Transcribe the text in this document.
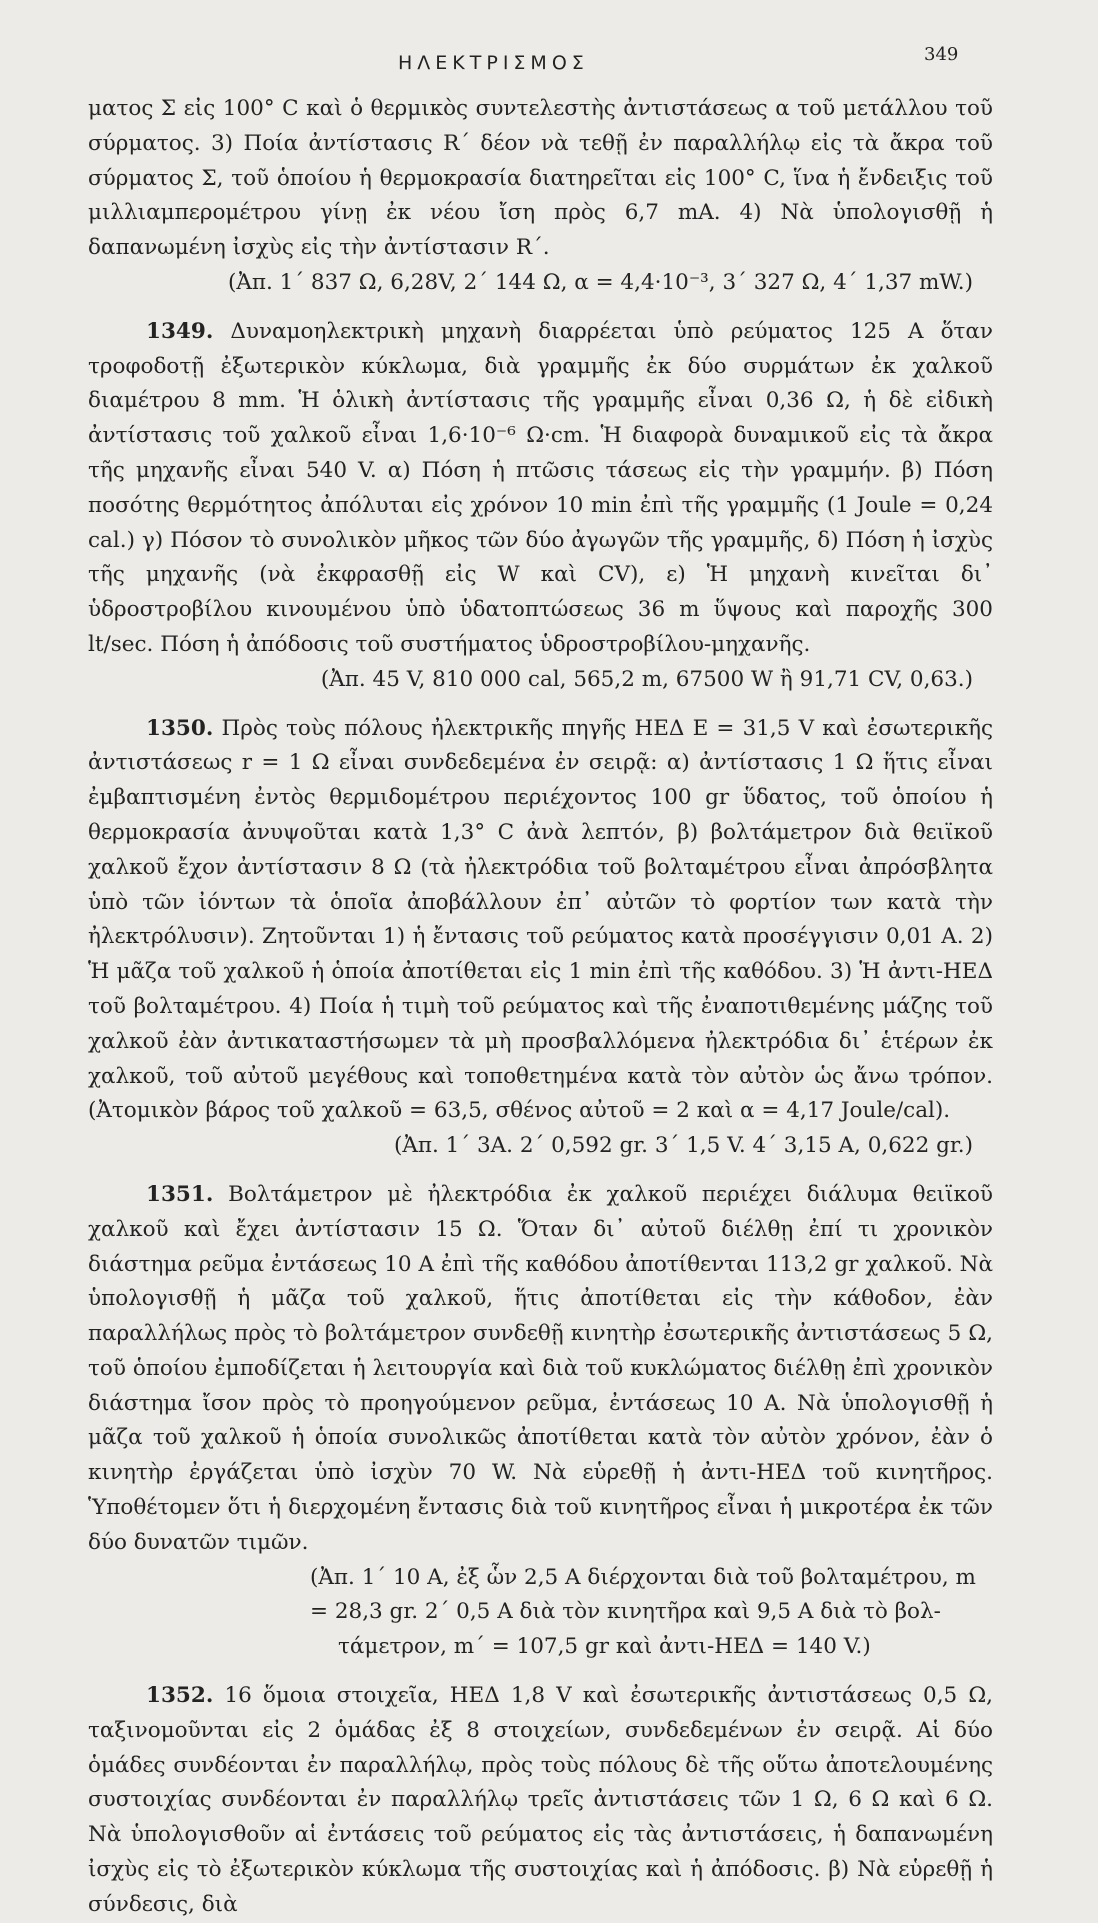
ΗΛΕΚΤΡΙΣΜΟΣ	349

ματος Σ εἰς 100° C καὶ ὁ θερμικὸς συντελεστὴς ἀντιστάσεως α τοῦ μετάλλου τοῦ σύρματος. 3) Ποία ἀντίστασις R΄ δέον νὰ τεθῇ ἐν παραλλήλῳ εἰς τὰ ἄκρα τοῦ σύρματος Σ, τοῦ ὁποίου ἡ θερμοκρασία διατηρεῖται εἰς 100° C, ἵνα ἡ ἔνδειξις τοῦ μιλλιαμπερομέτρου γίνῃ ἐκ νέου ἴση πρὸς 6,7 mA. 4) Νὰ ὑπολογισθῇ ἡ δαπανωμένη ἰσχὺς εἰς τὴν ἀντίστασιν R΄.

(Ἀπ. 1΄ 837 Ω, 6,28V, 2΄ 144 Ω, α = 4,4·10⁻³, 3΄ 327 Ω, 4΄ 1,37 mW.)

1349. Δυναμοηλεκτρικὴ μηχανὴ διαρρέεται ὑπὸ ρεύματος 125 A ὅταν τροφοδοτῇ ἐξωτερικὸν κύκλωμα, διὰ γραμμῆς ἐκ δύο συρμάτων ἐκ χαλκοῦ διαμέτρου 8 mm. Ἡ ὁλικὴ ἀντίστασις τῆς γραμμῆς εἶναι 0,36 Ω, ἡ δὲ εἰδικὴ ἀντίστασις τοῦ χαλκοῦ εἶναι 1,6·10⁻⁶ Ω·cm. Ἡ διαφορὰ δυναμικοῦ εἰς τὰ ἄκρα τῆς μηχανῆς εἶναι 540 V. α) Πόση ἡ πτῶσις τάσεως εἰς τὴν γραμμήν. β) Πόση ποσότης θερμότητος ἀπόλυται εἰς χρόνον 10 min ἐπὶ τῆς γραμμῆς (1 Joule = 0,24 cal.) γ) Πόσον τὸ συνολικὸν μῆκος τῶν δύο ἀγωγῶν τῆς γραμμῆς, δ) Πόση ἡ ἰσχὺς τῆς μηχανῆς (νὰ ἐκφρασθῇ εἰς W καὶ CV), ε) Ἡ μηχανὴ κινεῖται δι᾽ ὑδροστροβίλου κινουμένου ὑπὸ ὑδατοπτώσεως 36 m ὕψους καὶ παροχῆς 300 lt/sec. Πόση ἡ ἀπόδοσις τοῦ συστήματος ὑδροστροβίλου-μηχανῆς.

(Ἀπ. 45 V, 810 000 cal, 565,2 m, 67500 W ἢ 91,71 CV, 0,63.)

1350. Πρὸς τοὺς πόλους ἠλεκτρικῆς πηγῆς ΗΕΔ E = 31,5 V καὶ ἐσωτερικῆς ἀντιστάσεως r = 1 Ω εἶναι συνδεδεμένα ἐν σειρᾷ: α) ἀντίστασις 1 Ω ἥτις εἶναι ἐμβαπτισμένη ἐντὸς θερμιδομέτρου περιέχοντος 100 gr ὕδατος, τοῦ ὁποίου ἡ θερμοκρασία ἀνυψοῦται κατὰ 1,3° C ἀνὰ λεπτόν, β) βολτάμετρον διὰ θειϊκοῦ χαλκοῦ ἔχον ἀντίστασιν 8 Ω (τὰ ἠλεκτρόδια τοῦ βολταμέτρου εἶναι ἀπρόσβλητα ὑπὸ τῶν ἰόντων τὰ ὁποῖα ἀποβάλλουν ἐπ᾽ αὐτῶν τὸ φορτίον των κατὰ τὴν ἠλεκτρόλυσιν). Ζητοῦνται 1) ἡ ἔντασις τοῦ ρεύματος κατὰ προσέγγισιν 0,01 A. 2) Ἡ μᾶζα τοῦ χαλκοῦ ἡ ὁποία ἀποτίθεται εἰς 1 min ἐπὶ τῆς καθόδου. 3) Ἡ ἀντι-ΗΕΔ τοῦ βολταμέτρου. 4) Ποία ἡ τιμὴ τοῦ ρεύματος καὶ τῆς ἐναποτιθεμένης μάζης τοῦ χαλκοῦ ἐὰν ἀντικαταστήσωμεν τὰ μὴ προσβαλλόμενα ἠλεκτρόδια δι᾽ ἑτέρων ἐκ χαλκοῦ, τοῦ αὐτοῦ μεγέθους καὶ τοποθετημένα κατὰ τὸν αὐτὸν ὡς ἄνω τρόπον. (Ἀτομικὸν βάρος τοῦ χαλκοῦ = 63,5, σθένος αὐτοῦ = 2 καὶ α = 4,17 Joule/cal).

(Ἀπ. 1΄ 3A. 2΄ 0,592 gr. 3΄ 1,5 V. 4΄ 3,15 A, 0,622 gr.)

1351. Βολτάμετρον μὲ ἠλεκτρόδια ἐκ χαλκοῦ περιέχει διάλυμα θειϊκοῦ χαλκοῦ καὶ ἔχει ἀντίστασιν 15 Ω. Ὅταν δι᾽ αὐτοῦ διέλθῃ ἐπί τι χρονικὸν διάστημα ρεῦμα ἐντάσεως 10 A ἐπὶ τῆς καθόδου ἀποτίθενται 113,2 gr χαλκοῦ. Νὰ ὑπολογισθῇ ἡ μᾶζα τοῦ χαλκοῦ, ἥτις ἀποτίθεται εἰς τὴν κάθοδον, ἐὰν παραλλήλως πρὸς τὸ βολτάμετρον συνδεθῇ κινητὴρ ἐσωτερικῆς ἀντιστάσεως 5 Ω, τοῦ ὁποίου ἐμποδίζεται ἡ λειτουργία καὶ διὰ τοῦ κυκλώματος διέλθῃ ἐπὶ χρονικὸν διάστημα ἴσον πρὸς τὸ προηγούμενον ρεῦμα, ἐντάσεως 10 A. Νὰ ὑπολογισθῇ ἡ μᾶζα τοῦ χαλκοῦ ἡ ὁποία συνολικῶς ἀποτίθεται κατὰ τὸν αὐτὸν χρόνον, ἐὰν ὁ κινητὴρ ἐργάζεται ὑπὸ ἰσχὺν 70 W. Νὰ εὑρεθῇ ἡ ἀντι-ΗΕΔ τοῦ κινητῆρος. Ὑποθέτομεν ὅτι ἡ διερχομένη ἔντασις διὰ τοῦ κινητῆρος εἶναι ἡ μικροτέρα ἐκ τῶν δύο δυνατῶν τιμῶν.

(Ἀπ. 1΄ 10 A, ἐξ ὧν 2,5 A διέρχονται διὰ τοῦ βολταμέτρου, m = 28,3 gr. 2΄ 0,5 A διὰ τὸν κινητῆρα καὶ 9,5 A διὰ τὸ βολ-
τάμετρον, m΄ = 107,5 gr καὶ ἀντι-ΗΕΔ = 140 V.)

1352. 16 ὅμοια στοιχεῖα, ΗΕΔ 1,8 V καὶ ἐσωτερικῆς ἀντιστάσεως 0,5 Ω, ταξινομοῦνται εἰς 2 ὁμάδας ἐξ 8 στοιχείων, συνδεδεμένων ἐν σειρᾷ. Αἱ δύο ὁμάδες συνδέονται ἐν παραλλήλῳ, πρὸς τοὺς πόλους δὲ τῆς οὕτω ἀποτελουμένης συστοιχίας συνδέονται ἐν παραλλήλῳ τρεῖς ἀντιστάσεις τῶν 1 Ω, 6 Ω καὶ 6 Ω. Νὰ ὑπολογισθοῦν αἱ ἐντάσεις τοῦ ρεύματος εἰς τὰς ἀντιστάσεις, ἡ δαπανωμένη ἰσχὺς εἰς τὸ ἐξωτερικὸν κύκλωμα τῆς συστοιχίας καὶ ἡ ἀπόδοσις. β) Νὰ εὑρεθῇ ἡ σύνδεσις, διὰ
